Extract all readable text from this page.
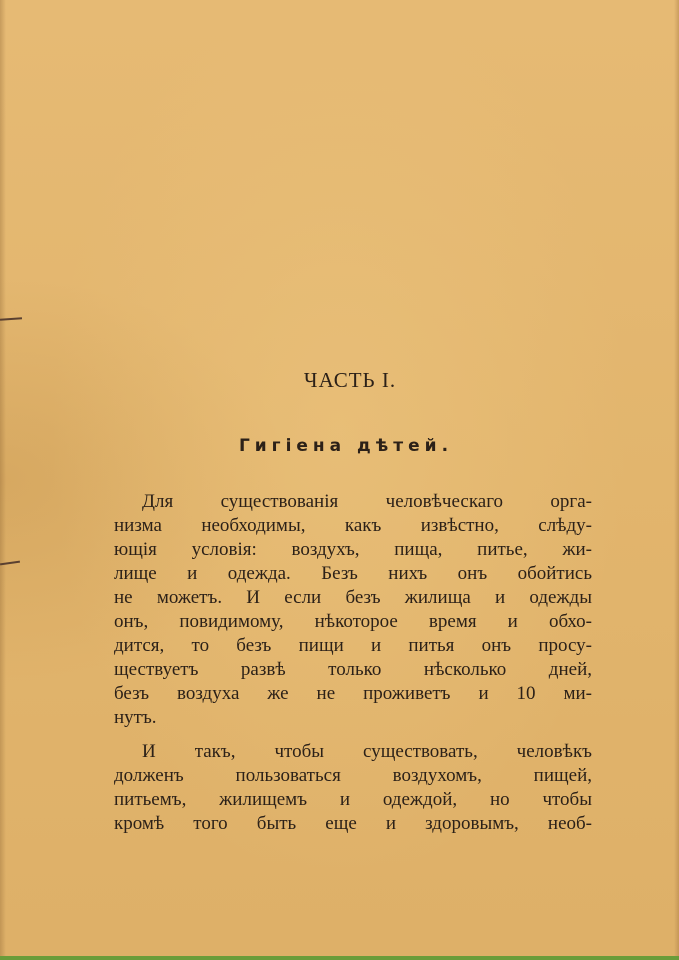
ЧАСТЬ I.
Гигіена дѣтей.
Для существованія человѣческаго орга-
низма необходимы, какъ извѣстно, слѣду-
ющія условія: воздухъ, пища, питье, жи-
лище и одежда. Безъ нихъ онъ обойтись
не можетъ. И если безъ жилища и одежды
онъ, повидимому, нѣкоторое время и обхо-
дится, то безъ пищи и питья онъ просу-
ществуетъ развѣ только нѣсколько дней,
безъ воздуха же не проживетъ и 10 ми-
нутъ.
И такъ, чтобы существовать, человѣкъ
долженъ пользоваться воздухомъ, пищей,
питьемъ, жилищемъ и одеждой, но чтобы
кромѣ того быть еще и здоровымъ, необ-
